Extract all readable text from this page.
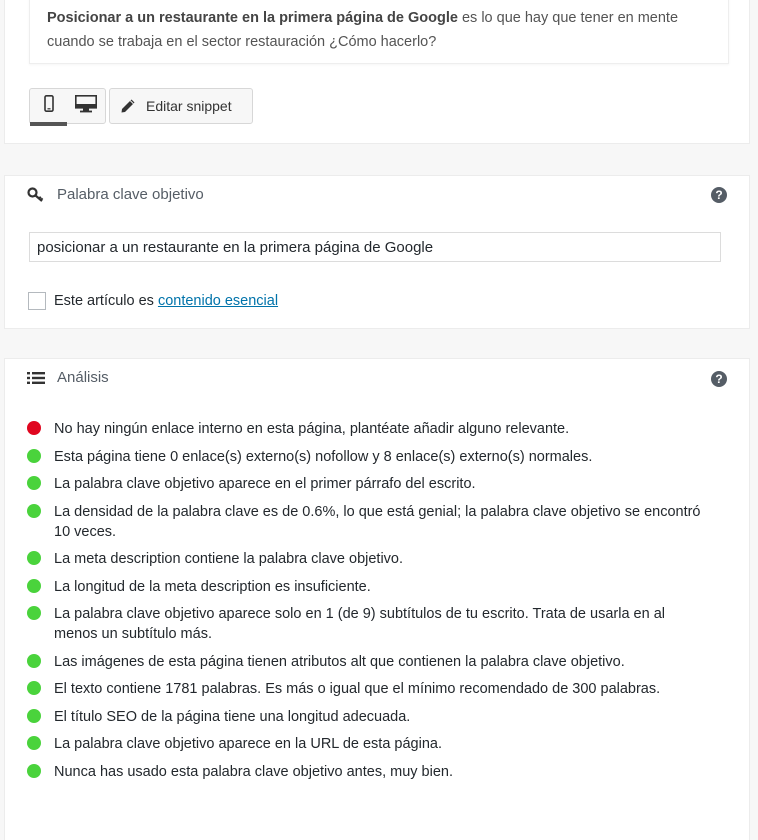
Posicionar a un restaurante en la primera página de Google es lo que hay que tener en mente cuando se trabaja en el sector restauración ¿Cómo hacerlo?
Editar snippet
Palabra clave objetivo	?
posicionar a un restaurante en la primera página de Google
Este artículo es contenido esencial
Análisis	?
No hay ningún enlace interno en esta página, plantéate añadir alguno relevante.
Esta página tiene 0 enlace(s) externo(s) nofollow y 8 enlace(s) externo(s) normales.
La palabra clave objetivo aparece en el primer párrafo del escrito.
La densidad de la palabra clave es de 0.6%, lo que está genial; la palabra clave objetivo se encontró 10 veces.
La meta description contiene la palabra clave objetivo.
La longitud de la meta description es insuficiente.
La palabra clave objetivo aparece solo en 1 (de 9) subtítulos de tu escrito. Trata de usarla en al menos un subtítulo más.
Las imágenes de esta página tienen atributos alt que contienen la palabra clave objetivo.
El texto contiene 1781 palabras. Es más o igual que el mínimo recomendado de 300 palabras.
El título SEO de la página tiene una longitud adecuada.
La palabra clave objetivo aparece en la URL de esta página.
Nunca has usado esta palabra clave objetivo antes, muy bien.
